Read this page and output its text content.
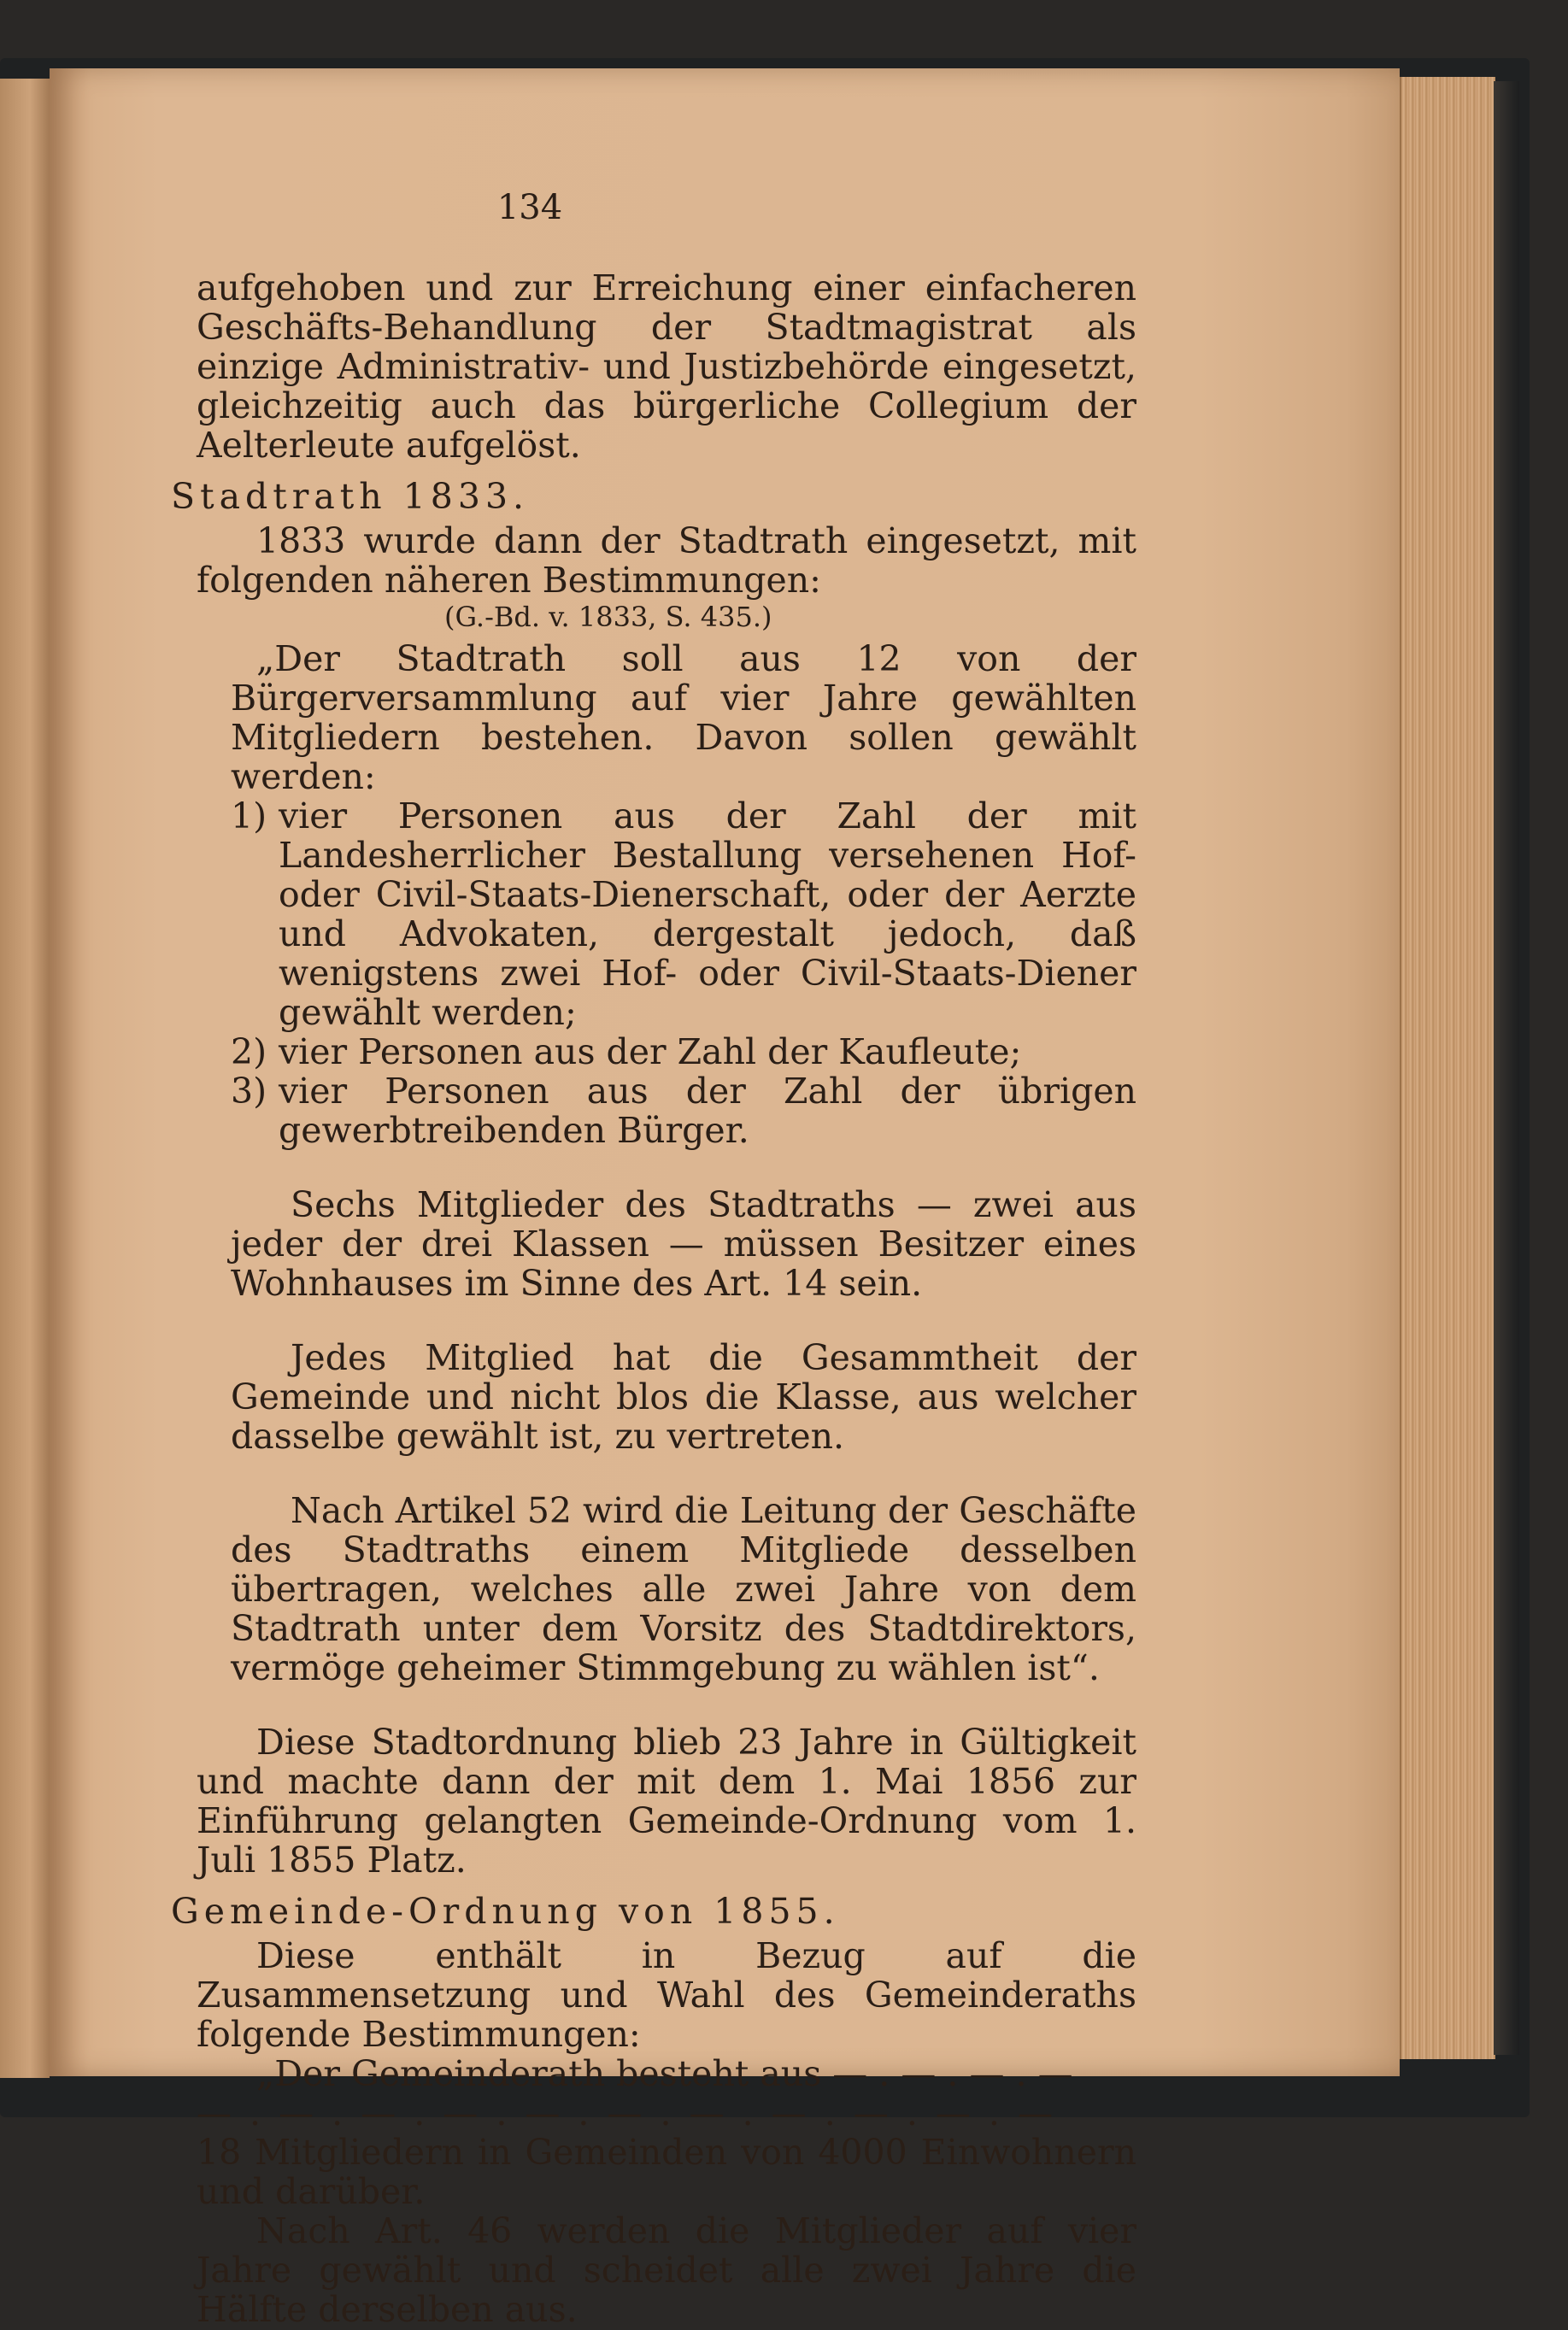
134

aufgehoben und zur Erreichung einer einfacheren Geschäfts-Behandlung der Stadtmagistrat als einzige Administrativ- und Justizbehörde eingesetzt, gleichzeitig auch das bürgerliche Collegium der Aelterleute aufgelöst.

Stadtrath 1833.

1833 wurde dann der Stadtrath eingesetzt, mit folgenden näheren Bestimmungen:

(G.-Bd. v. 1833, S. 435.)

„Der Stadtrath soll aus 12 von der Bürgerversammlung auf vier Jahre gewählten Mitgliedern bestehen. Davon sollen gewählt werden:

1) vier Personen aus der Zahl der mit Landesherrlicher Bestallung versehenen Hof- oder Civil-Staats-Dienerschaft, oder der Aerzte und Advokaten, dergestalt jedoch, daß wenigstens zwei Hof- oder Civil-Staats-Diener gewählt werden;
2) vier Personen aus der Zahl der Kaufleute;
3) vier Personen aus der Zahl der übrigen gewerbtreibenden Bürger.

Sechs Mitglieder des Stadtraths — zwei aus jeder der drei Klassen — müssen Besitzer eines Wohnhauses im Sinne des Art. 14 sein.

Jedes Mitglied hat die Gesammtheit der Gemeinde und nicht blos die Klasse, aus welcher dasselbe gewählt ist, zu vertreten.

Nach Artikel 52 wird die Leitung der Geschäfte des Stadtraths einem Mitgliede desselben übertragen, welches alle zwei Jahre von dem Stadtrath unter dem Vorsitz des Stadtdirektors, vermöge geheimer Stimmgebung zu wählen ist“.

Diese Stadtordnung blieb 23 Jahre in Gültigkeit und machte dann der mit dem 1. Mai 1856 zur Einführung gelangten Gemeinde-Ordnung vom 1. Juli 1855 Platz.

Gemeinde-Ordnung von 1855.

Diese enthält in Bezug auf die Zusammensetzung und Wahl des Gemeinderaths folgende Bestimmungen:

„Der Gemeinderath besteht aus — . — . — . —

— . — . — . — . — . — . — . — . — . — . —

18 Mitgliedern in Gemeinden von 4000 Einwohnern und darüber.

Nach Art. 46 werden die Mitglieder auf vier Jahre gewählt und scheidet alle zwei Jahre die Hälfte derselben aus.
